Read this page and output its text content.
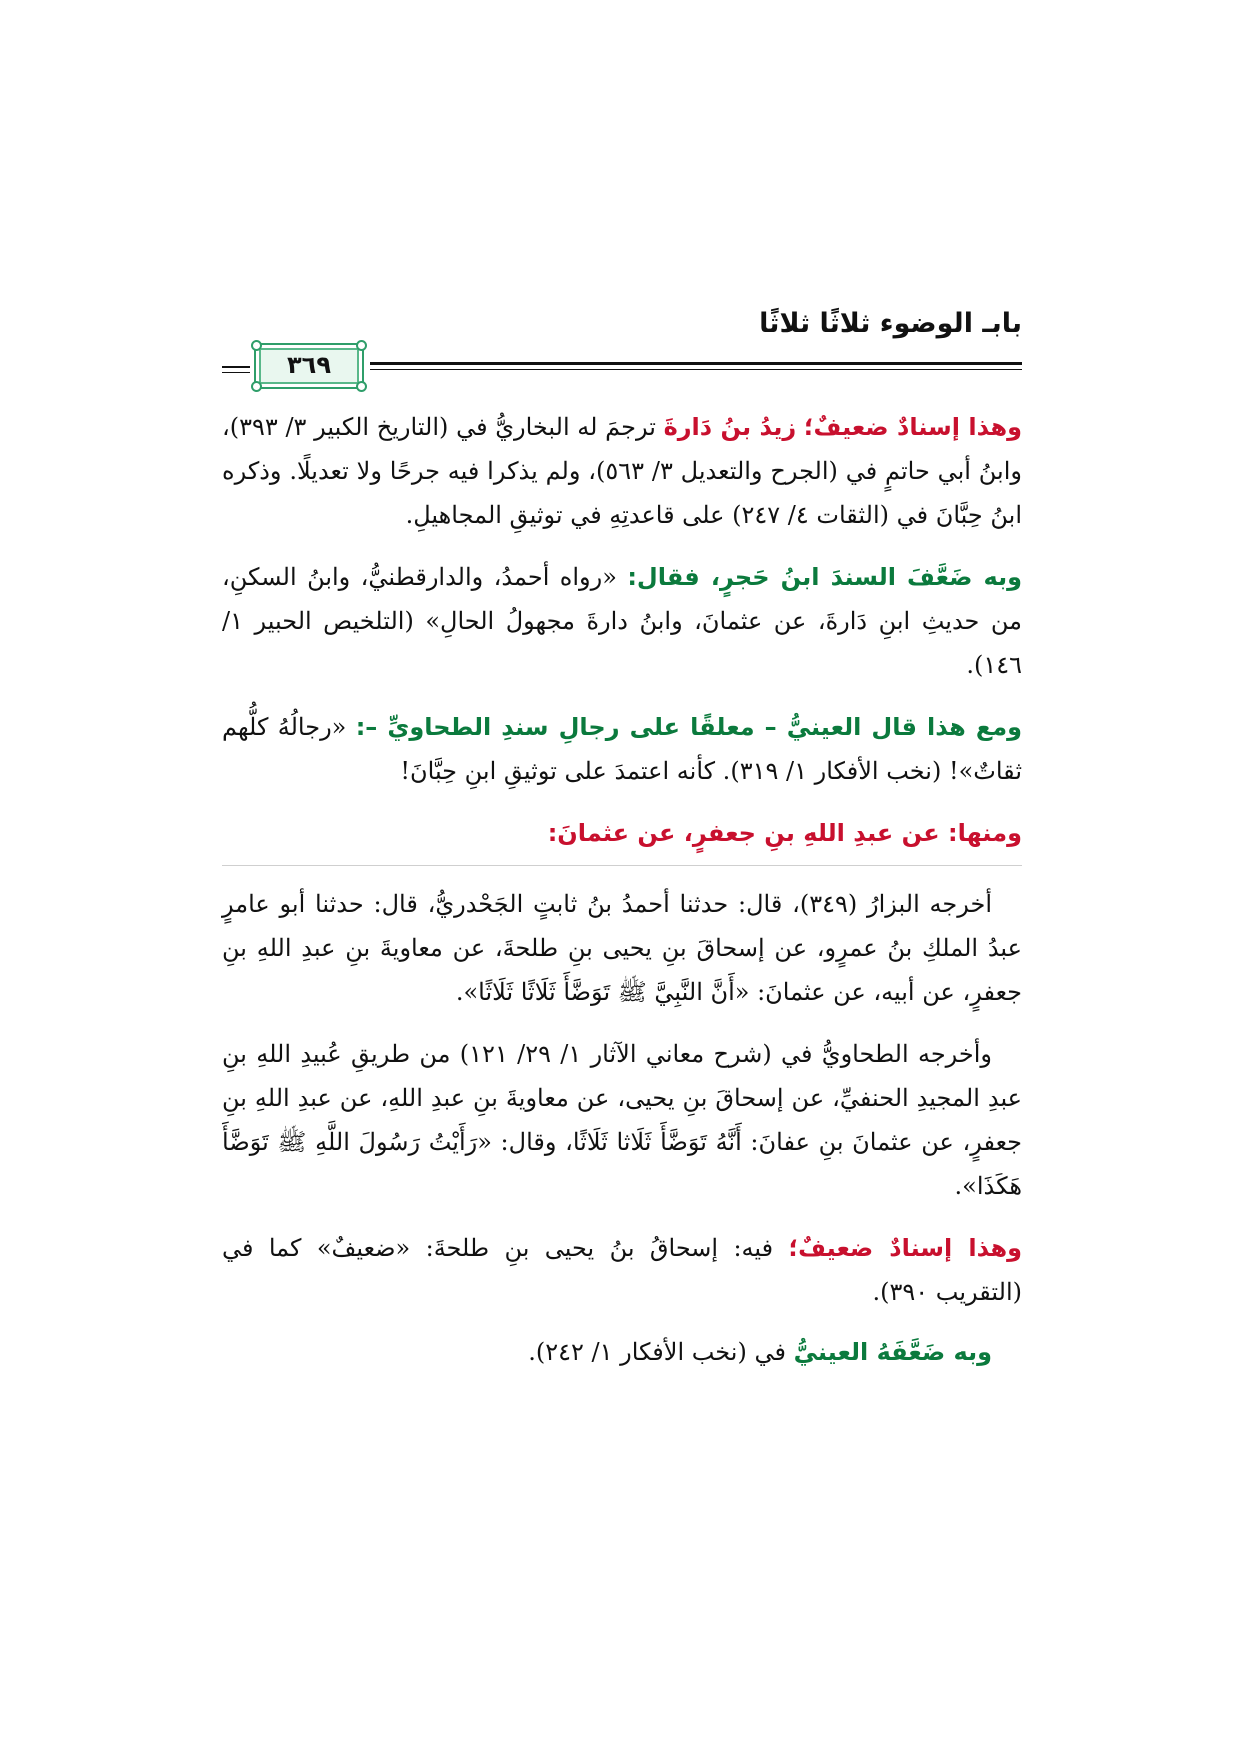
بابـ الوضوء ثلاثًا ثلاثًا
٣٦٩

وهذا إسنادٌ ضعيفٌ؛ زيدُ بنُ دَارةَ ترجمَ له البخاريُّ في (التاريخ الكبير ٣/ ٣٩٣)، وابنُ أبي حاتمٍ في (الجرح والتعديل ٣/ ٥٦٣)، ولم يذكرا فيه جرحًا ولا تعديلًا. وذكره ابنُ حِبَّانَ في (الثقات ٤/ ٢٤٧) على قاعدتِهِ في توثيقِ المجاهيلِ.

وبه ضَعَّفَ السندَ ابنُ حَجرٍ، فقال: «رواه أحمدُ، والدارقطنيُّ، وابنُ السكنِ، من حديثِ ابنِ دَارةَ، عن عثمانَ، وابنُ دارةَ مجهولُ الحالِ» (التلخيص الحبير ١/ ١٤٦).

ومع هذا قال العينيُّ – معلقًا على رجالِ سندِ الطحاويِّ –: «رجالُهُ كلُّهم ثقاتٌ»! (نخب الأفكار ١/ ٣١٩). كأنه اعتمدَ على توثيقِ ابنِ حِبَّانَ!

ومنها: عن عبدِ اللهِ بنِ جعفرٍ، عن عثمانَ:

أخرجه البزارُ (٣٤٩)، قال: حدثنا أحمدُ بنُ ثابتٍ الجَحْدريُّ، قال: حدثنا أبو عامرٍ عبدُ الملكِ بنُ عمرٍو، عن إسحاقَ بنِ يحيى بنِ طلحةَ، عن معاويةَ بنِ عبدِ اللهِ بنِ جعفرٍ، عن أبيه، عن عثمانَ: «أَنَّ النَّبِيَّ ﷺ تَوَضَّأَ ثَلَاثًا ثَلَاثًا».

وأخرجه الطحاويُّ في (شرح معاني الآثار ١/ ٢٩/ ١٢١) من طريقِ عُبيدِ اللهِ بنِ عبدِ المجيدِ الحنفيِّ، عن إسحاقَ بنِ يحيى، عن معاويةَ بنِ عبدِ اللهِ، عن عبدِ اللهِ بنِ جعفرٍ، عن عثمانَ بنِ عفانَ: أَنَّهُ تَوَضَّأَ ثَلَاثا ثَلَاثًا، وقال: «رَأَيْتُ رَسُولَ اللَّهِ ﷺ تَوَضَّأَ هَكَذَا».

وهذا إسنادٌ ضعيفٌ؛ فيه: إسحاقُ بنُ يحيى بنِ طلحةَ: «ضعيفٌ» كما في (التقريب ٣٩٠).

وبه ضَعَّفَهُ العينيُّ في (نخب الأفكار ١/ ٢٤٢).
